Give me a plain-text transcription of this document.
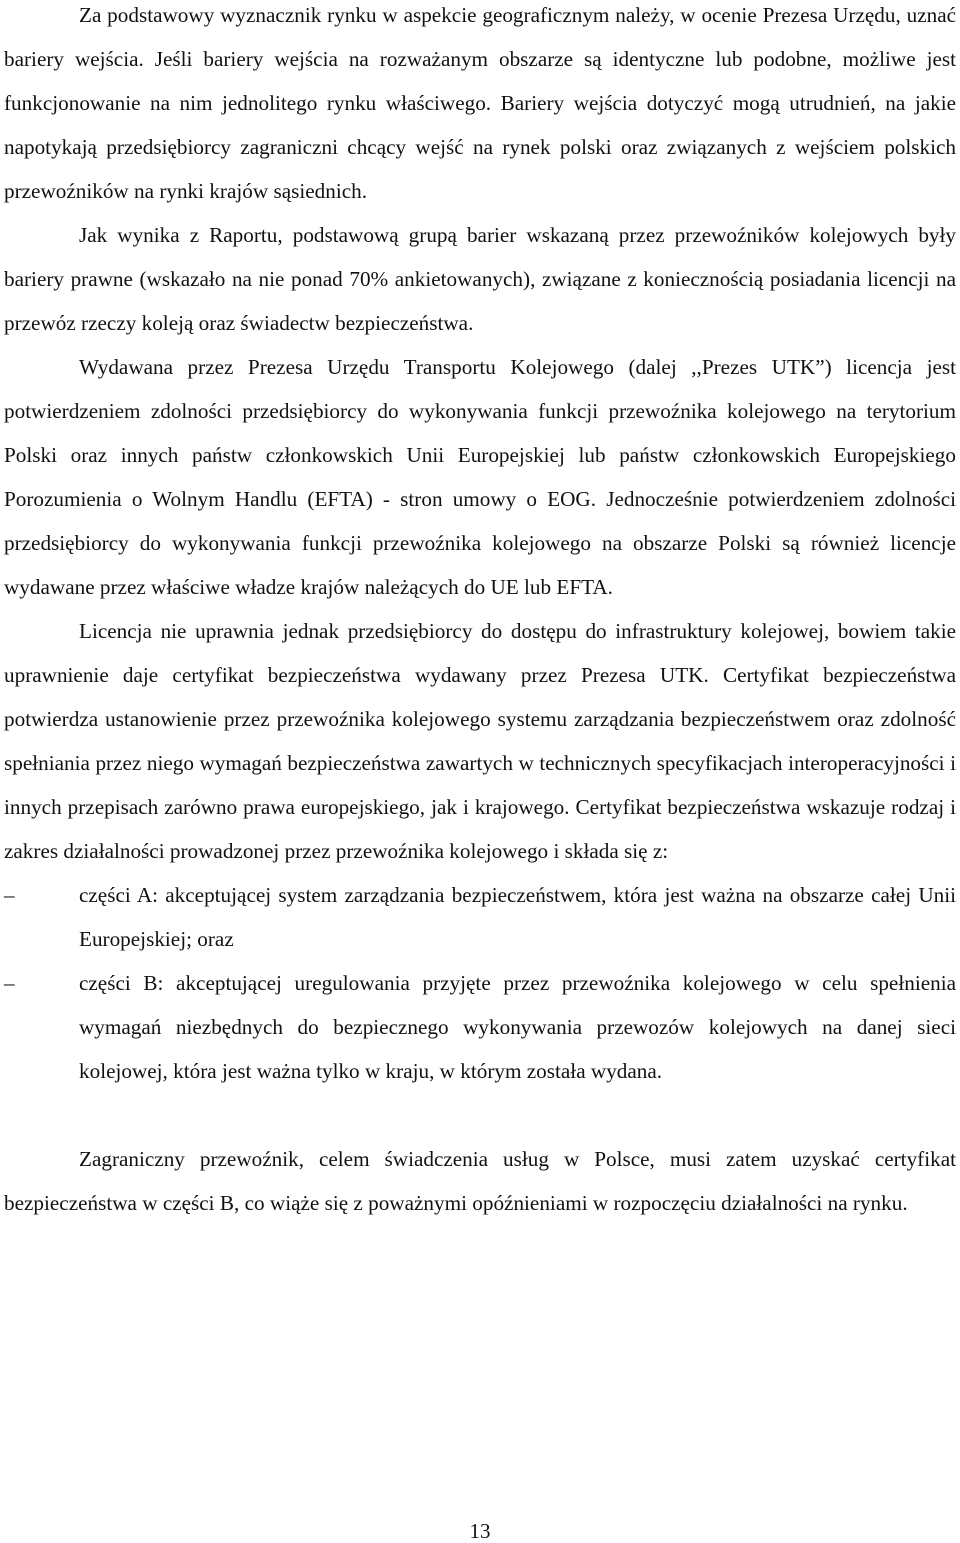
Za podstawowy wyznacznik rynku w aspekcie geograficznym należy, w ocenie Prezesa Urzędu, uznać bariery wejścia. Jeśli bariery wejścia na rozważanym obszarze są identyczne lub podobne, możliwe jest funkcjonowanie na nim jednolitego rynku właściwego. Bariery wejścia dotyczyć mogą utrudnień, na jakie napotykają przedsiębiorcy zagraniczni chcący wejść na rynek polski oraz związanych z wejściem polskich przewoźników na rynki krajów sąsiednich.

Jak wynika z Raportu, podstawową grupą barier wskazaną przez przewoźników kolejowych były bariery prawne (wskazało na nie ponad 70% ankietowanych), związane z koniecznością posiadania licencji na przewóz rzeczy koleją oraz świadectw bezpieczeństwa.

Wydawana przez Prezesa Urzędu Transportu Kolejowego (dalej ,,Prezes UTK”) licencja jest potwierdzeniem zdolności przedsiębiorcy do wykonywania funkcji przewoźnika kolejowego na terytorium Polski oraz innych państw członkowskich Unii Europejskiej lub państw członkowskich Europejskiego Porozumienia o Wolnym Handlu (EFTA) - stron umowy o EOG. Jednocześnie potwierdzeniem zdolności przedsiębiorcy do wykonywania funkcji przewoźnika kolejowego na obszarze Polski są również licencje wydawane przez właściwe władze krajów należących do UE lub EFTA.

Licencja nie uprawnia jednak przedsiębiorcy do dostępu do infrastruktury kolejowej, bowiem takie uprawnienie daje certyfikat bezpieczeństwa wydawany przez Prezesa UTK. Certyfikat bezpieczeństwa potwierdza ustanowienie przez przewoźnika kolejowego systemu zarządzania bezpieczeństwem oraz zdolność spełniania przez niego wymagań bezpieczeństwa zawartych w technicznych specyfikacjach interoperacyjności i innych przepisach zarówno prawa europejskiego, jak i krajowego. Certyfikat bezpieczeństwa wskazuje rodzaj i zakres działalności prowadzonej przez przewoźnika kolejowego i składa się z:

–	części A: akceptującej system zarządzania bezpieczeństwem, która jest ważna na obszarze całej Unii Europejskiej; oraz
–	części B: akceptującej uregulowania przyjęte przez przewoźnika kolejowego w celu spełnienia wymagań niezbędnych do bezpiecznego wykonywania przewozów kolejowych na danej sieci kolejowej, która jest ważna tylko w kraju, w którym została wydana.

Zagraniczny przewoźnik, celem świadczenia usług w Polsce, musi zatem uzyskać certyfikat bezpieczeństwa w części B, co wiąże się z poważnymi opóźnieniami w rozpoczęciu działalności na rynku.

13
